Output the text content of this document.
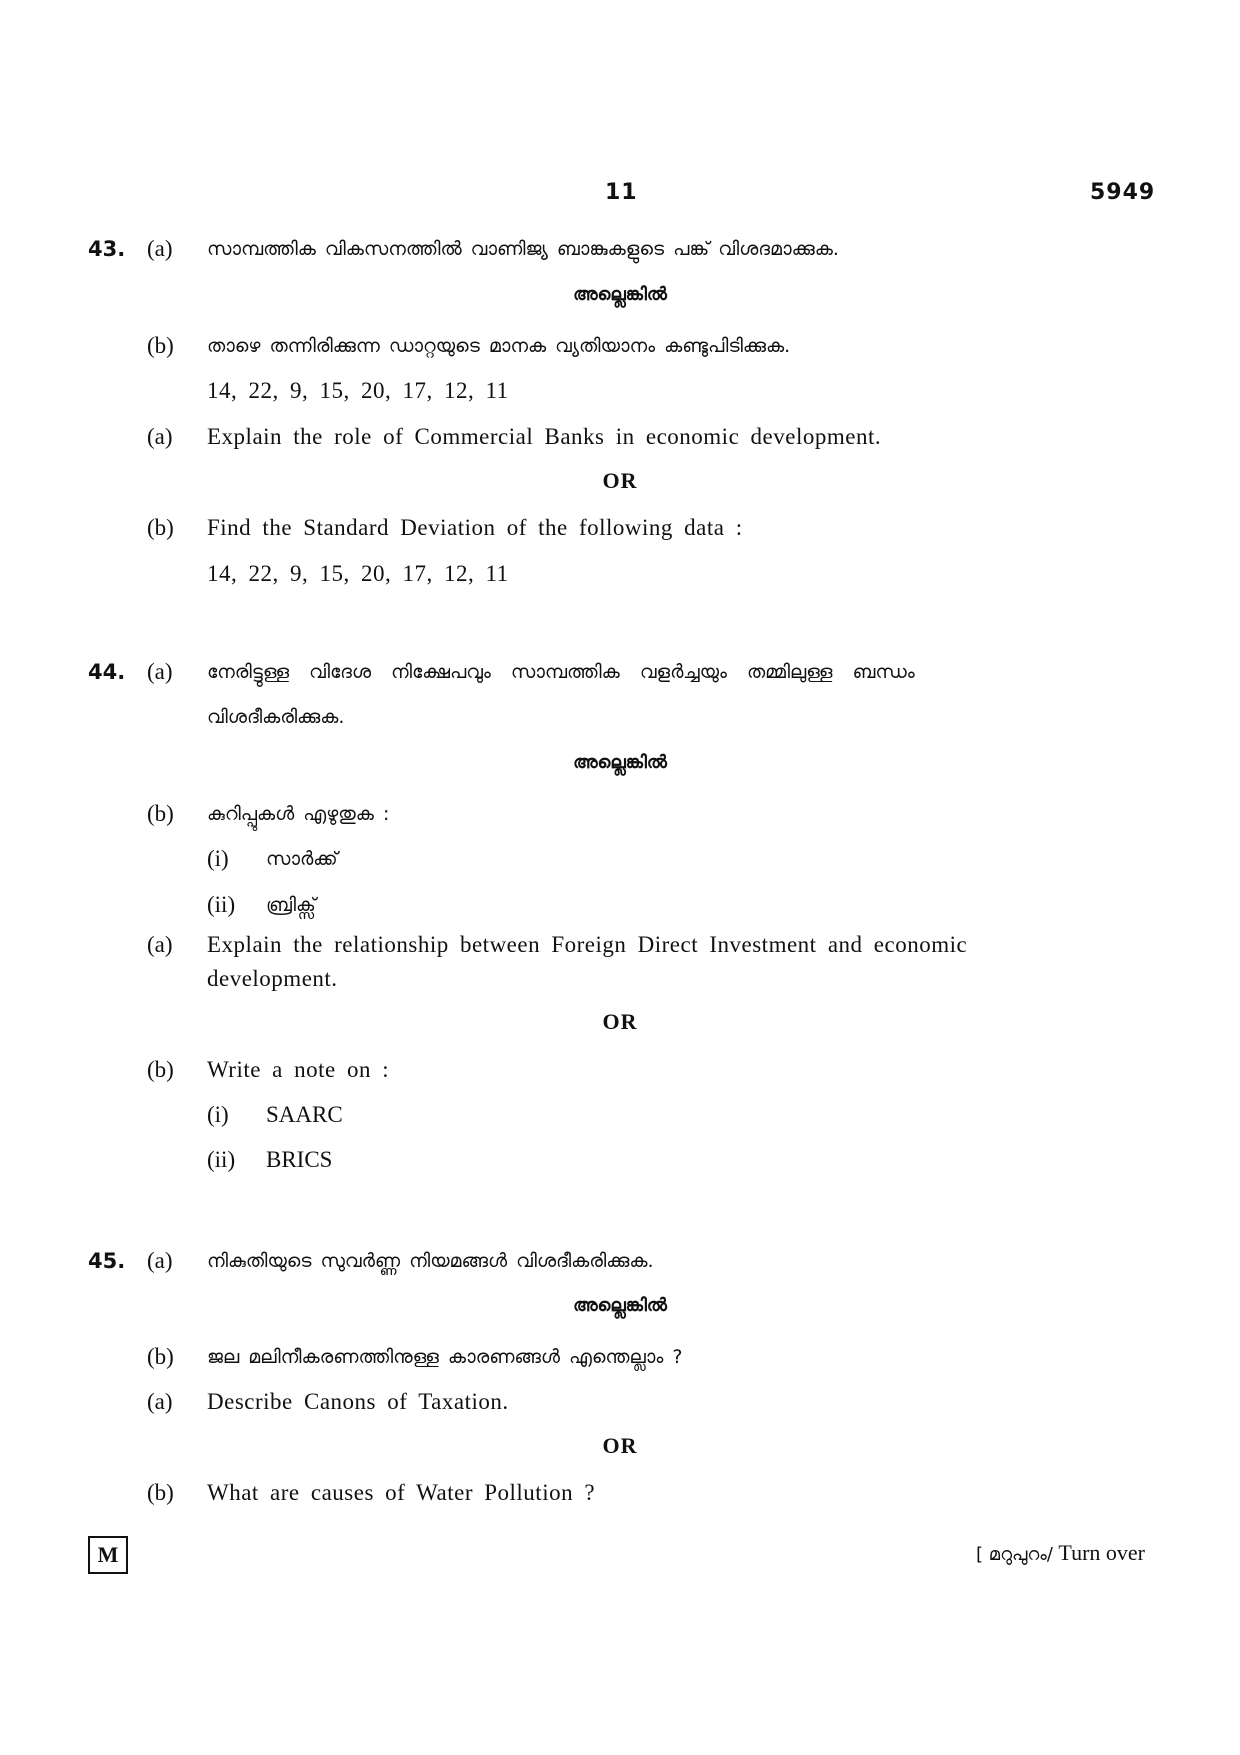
11	5949
43. (a) സാമ്പത്തിക വികസനത്തിൽ വാണിജ്യ ബാങ്കുകളുടെ പങ്ക് വിശദമാക്കുക.
അല്ലെങ്കിൽ
(b) താഴെ തന്നിരിക്കുന്ന ഡാറ്റയുടെ മാനക വ്യതിയാനം കണ്ടുപിടിക്കുക.
14, 22, 9, 15, 20, 17, 12, 11
(a) Explain the role of Commercial Banks in economic development.
OR
(b) Find the Standard Deviation of the following data :
14, 22, 9, 15, 20, 17, 12, 11
44. (a) നേരിട്ടുള്ള വിദേശ നിക്ഷേപവും സാമ്പത്തിക വളർച്ചയും തമ്മിലുള്ള ബന്ധം
വിശദീകരിക്കുക.
അല്ലെങ്കിൽ
(b) കുറിപ്പുകൾ എഴുതുക :
(i) സാർക്ക്
(ii) ബ്രിക്സ്
(a) Explain the relationship between Foreign Direct Investment and economic
development.
OR
(b) Write a note on :
(i) SAARC
(ii) BRICS
45. (a) നികുതിയുടെ സുവർണ്ണ നിയമങ്ങൾ വിശദീകരിക്കുക.
അല്ലെങ്കിൽ
(b) ജല മലിനീകരണത്തിനുള്ള കാരണങ്ങൾ എന്തെല്ലാം ?
(a) Describe Canons of Taxation.
OR
(b) What are causes of Water Pollution ?
M	[ മറുപുറം/ Turn over
